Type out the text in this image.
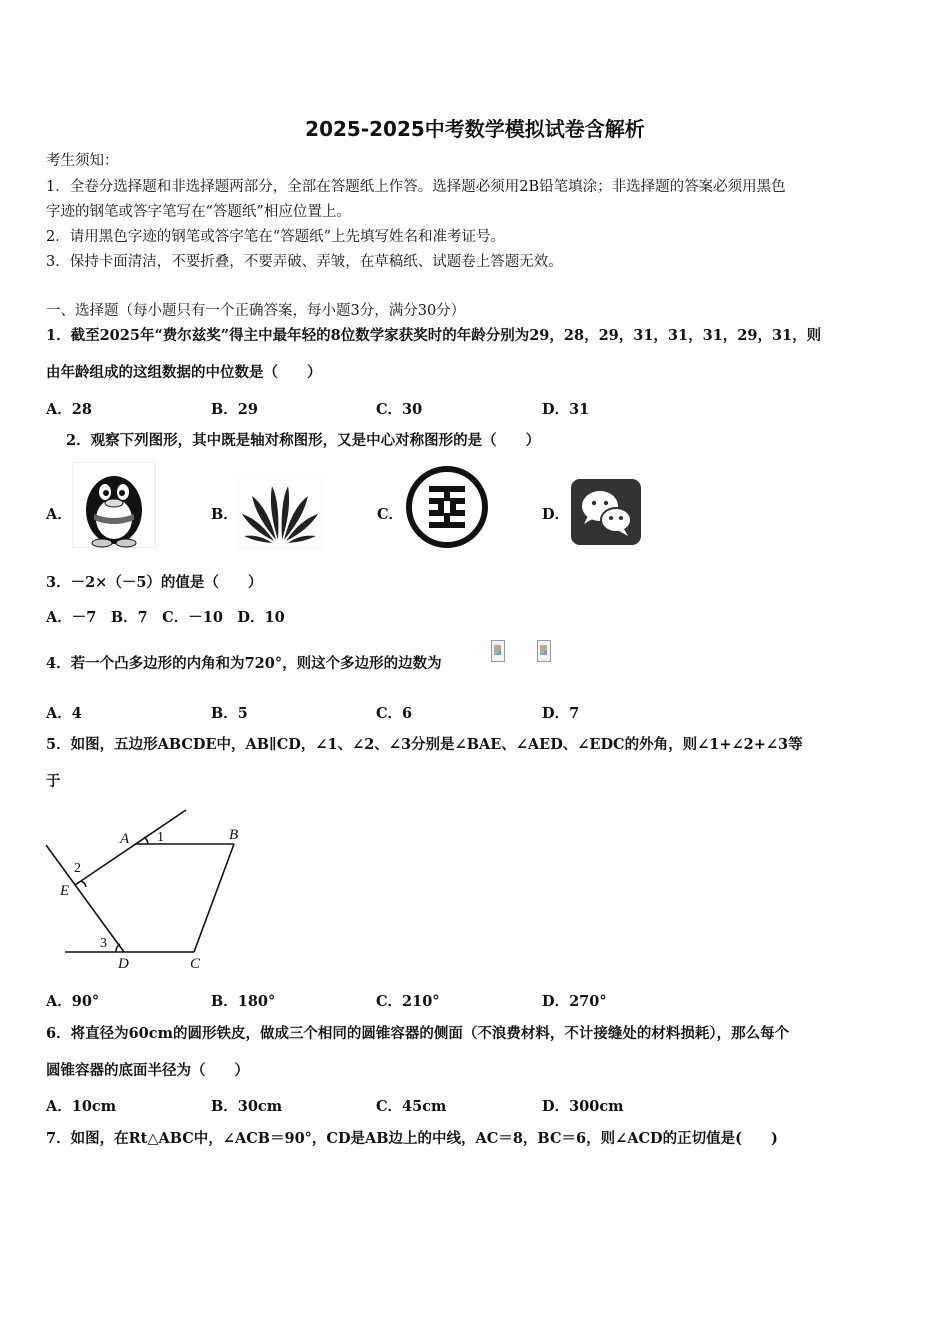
2025-2025中考数学模拟试卷含解析
考生须知：
1．全卷分选择题和非选择题两部分，全部在答题纸上作答。选择题必须用2B铅笔填涂；非选择题的答案必须用黑色
字迹的钢笔或答字笔写在“答题纸”相应位置上。
2．请用黑色字迹的钢笔或答字笔在“答题纸”上先填写姓名和准考证号。
3．保持卡面清洁，不要折叠，不要弄破、弄皱，在草稿纸、试题卷上答题无效。
一、选择题（每小题只有一个正确答案，每小题3分，满分30分）
1．截至2025年“费尔兹奖”得主中最年轻的8位数学家获奖时的年龄分别为29，28，29，31，31，31，29，31，则
由年龄组成的这组数据的中位数是（　　）
A．28	B．29	C．30	D．31
2．观察下列图形，其中既是轴对称图形，又是中心对称图形的是（　　）
A．	B．	C．	D．
3．－2×（－5）的值是（　　）
A．－7　B．7　C．－10　D．10
4．若一个凸多边形的内角和为720°，则这个多边形的边数为
A．4	B．5	C．6	D．7
5．如图，五边形ABCDE中，AB∥CD，∠1、∠2、∠3分别是∠BAE、∠AED、∠EDC的外角，则∠1+∠2+∠3等
于
A	B
C
D
E
1
2
3
A．90°	B．180°	C．210°	D．270°
6．将直径为60cm的圆形铁皮，做成三个相同的圆锥容器的侧面（不浪费材料，不计接缝处的材料损耗），那么每个
圆锥容器的底面半径为（　　）
A．10cm	B．30cm	C．45cm	D．300cm
7．如图，在Rt△ABC中，∠ACB＝90°，CD是AB边上的中线，AC＝8，BC＝6，则∠ACD的正切值是(　　)
